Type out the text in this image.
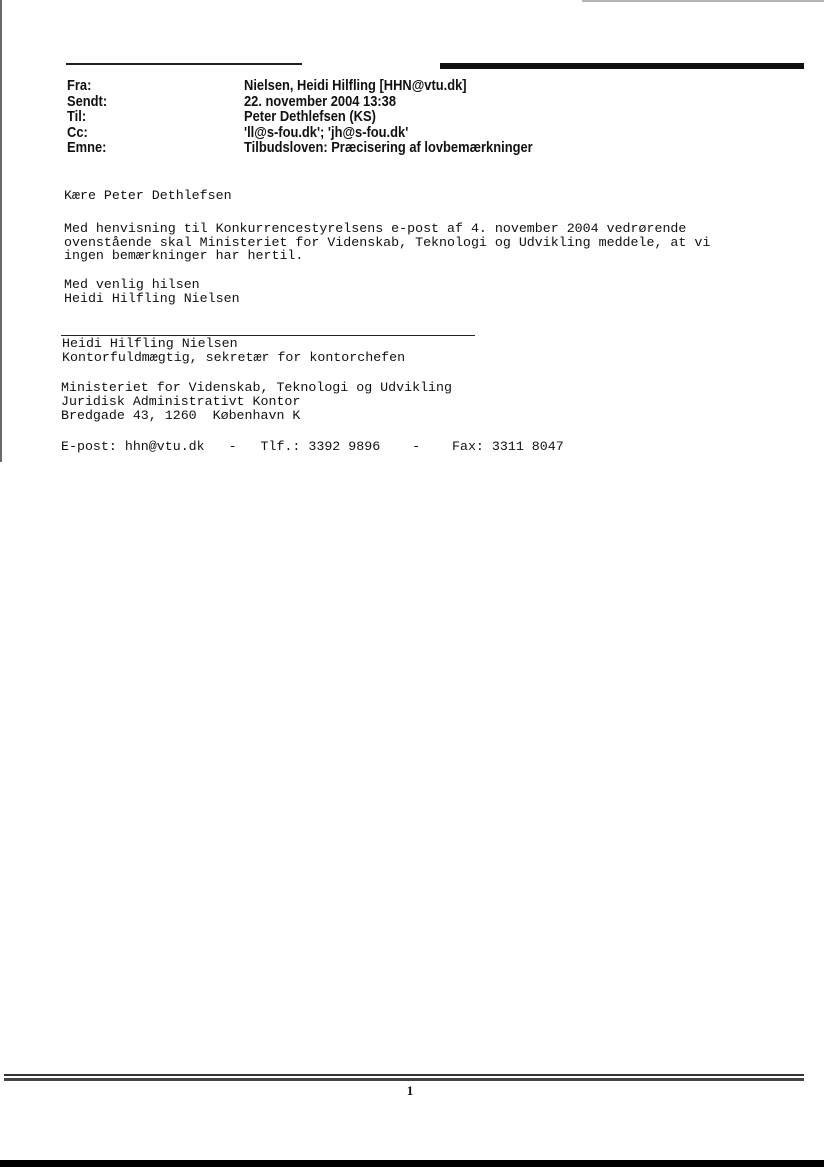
Fra:	Nielsen, Heidi Hilfling [HHN@vtu.dk]
Sendt:	22. november 2004 13:38
Til:	Peter Dethlefsen (KS)
Cc:	'll@s-fou.dk'; 'jh@s-fou.dk'
Emne:	Tilbudsloven: Præcisering af lovbemærkninger
Kære Peter Dethlefsen
Med henvisning til Konkurrencestyrelsens e-post af 4. november 2004 vedrørende
ovenstående skal Ministeriet for Videnskab, Teknologi og Udvikling meddele, at vi
ingen bemærkninger har hertil.
Med venlig hilsen
Heidi Hilfling Nielsen
Heidi Hilfling Nielsen
Kontorfuldmægtig, sekretær for kontorchefen
Ministeriet for Videnskab, Teknologi og Udvikling
Juridisk Administrativt Kontor
Bredgade 43, 1260  København K
E-post: hhn@vtu.dk   -   Tlf.: 3392 9896    -    Fax: 3311 8047
1
